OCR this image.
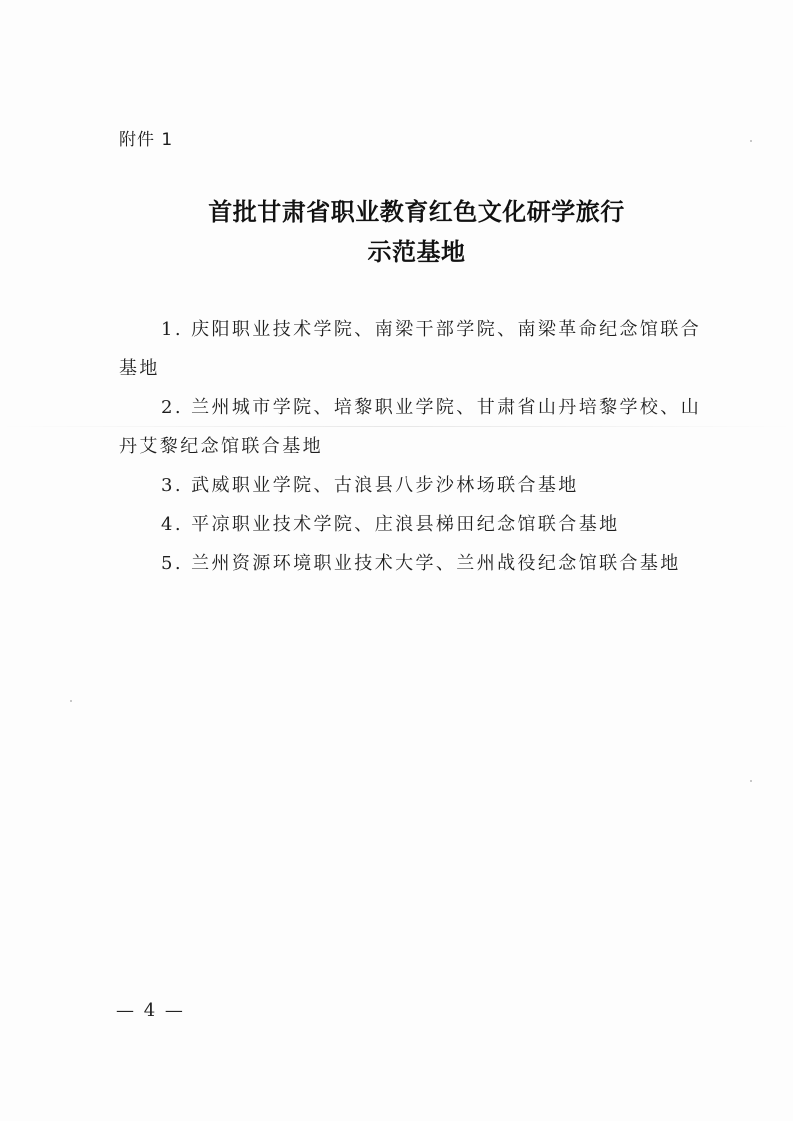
附件 1
首批甘肃省职业教育红色文化研学旅行
示范基地

1. 庆阳职业技术学院、南梁干部学院、南梁革命纪念馆联合基地

2. 兰州城市学院、培黎职业学院、甘肃省山丹培黎学校、山丹艾黎纪念馆联合基地

3. 武威职业学院、古浪县八步沙林场联合基地

4. 平凉职业技术学院、庄浪县梯田纪念馆联合基地

5. 兰州资源环境职业技术大学、兰州战役纪念馆联合基地

— 4 —
